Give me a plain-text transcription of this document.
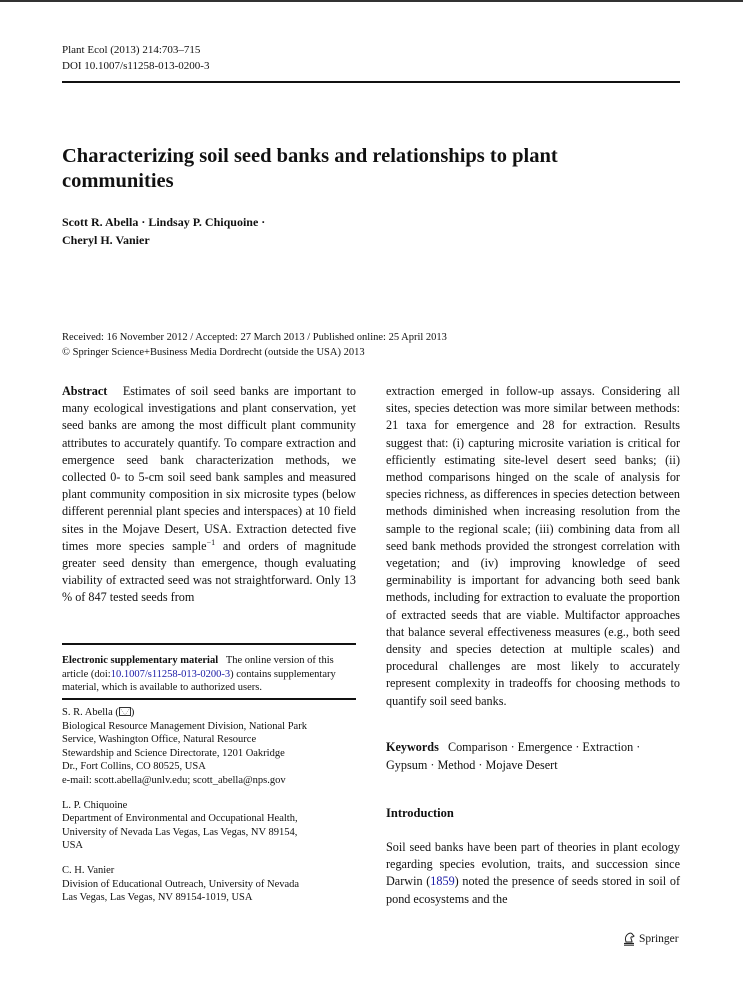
Plant Ecol (2013) 214:703–715
DOI 10.1007/s11258-013-0200-3
Characterizing soil seed banks and relationships to plant communities
Scott R. Abella · Lindsay P. Chiquoine ·
Cheryl H. Vanier
Received: 16 November 2012 / Accepted: 27 March 2013 / Published online: 25 April 2013
© Springer Science+Business Media Dordrecht (outside the USA) 2013
Abstract Estimates of soil seed banks are important to many ecological investigations and plant conservation, yet seed banks are among the most difficult plant community attributes to accurately quantify. To compare extraction and emergence seed bank characterization methods, we collected 0- to 5-cm soil seed bank samples and measured plant community composition in six microsite types (below different perennial plant species and interspaces) at 10 field sites in the Mojave Desert, USA. Extraction detected five times more species sample$^{-1}$ and orders of magnitude greater seed density than emergence, though evaluating viability of extracted seed was not straightforward. Only 13 % of 847 tested seeds from
Electronic supplementary material The online version of this article (doi:10.1007/s11258-013-0200-3) contains supplementary material, which is available to authorized users.
S. R. Abella ( )
Biological Resource Management Division, National Park
Service, Washington Office, Natural Resource
Stewardship and Science Directorate, 1201 Oakridge
Dr., Fort Collins, CO 80525, USA
e-mail: scott.abella@unlv.edu; scott_abella@nps.gov
L. P. Chiquoine
Department of Environmental and Occupational Health,
University of Nevada Las Vegas, Las Vegas, NV 89154,
USA
C. H. Vanier
Division of Educational Outreach, University of Nevada
Las Vegas, Las Vegas, NV 89154-1019, USA
extraction emerged in follow-up assays. Considering all sites, species detection was more similar between methods: 21 taxa for emergence and 28 for extraction. Results suggest that: (i) capturing microsite variation is critical for efficiently estimating site-level desert seed banks; (ii) method comparisons hinged on the scale of analysis for species richness, as differences in species detection between methods diminished when increasing resolution from the sample to the regional scale; (iii) combining data from all seed bank methods provided the strongest correlation with vegetation; and (iv) improving knowledge of seed germinability is important for advancing both seed bank methods, including for extraction to evaluate the proportion of extracted seeds that are viable. Multifactor approaches that balance several effectiveness measures (e.g., both seed density and species detection at multiple scales) and procedural challenges are most likely to accurately represent complexity in tradeoffs for choosing methods to quantify soil seed banks.
Keywords Comparison · Emergence · Extraction · Gypsum · Method · Mojave Desert
Introduction
Soil seed banks have been part of theories in plant ecology regarding species evolution, traits, and succession since Darwin (1859) noted the presence of seeds stored in soil of pond ecosystems and the
Springer
